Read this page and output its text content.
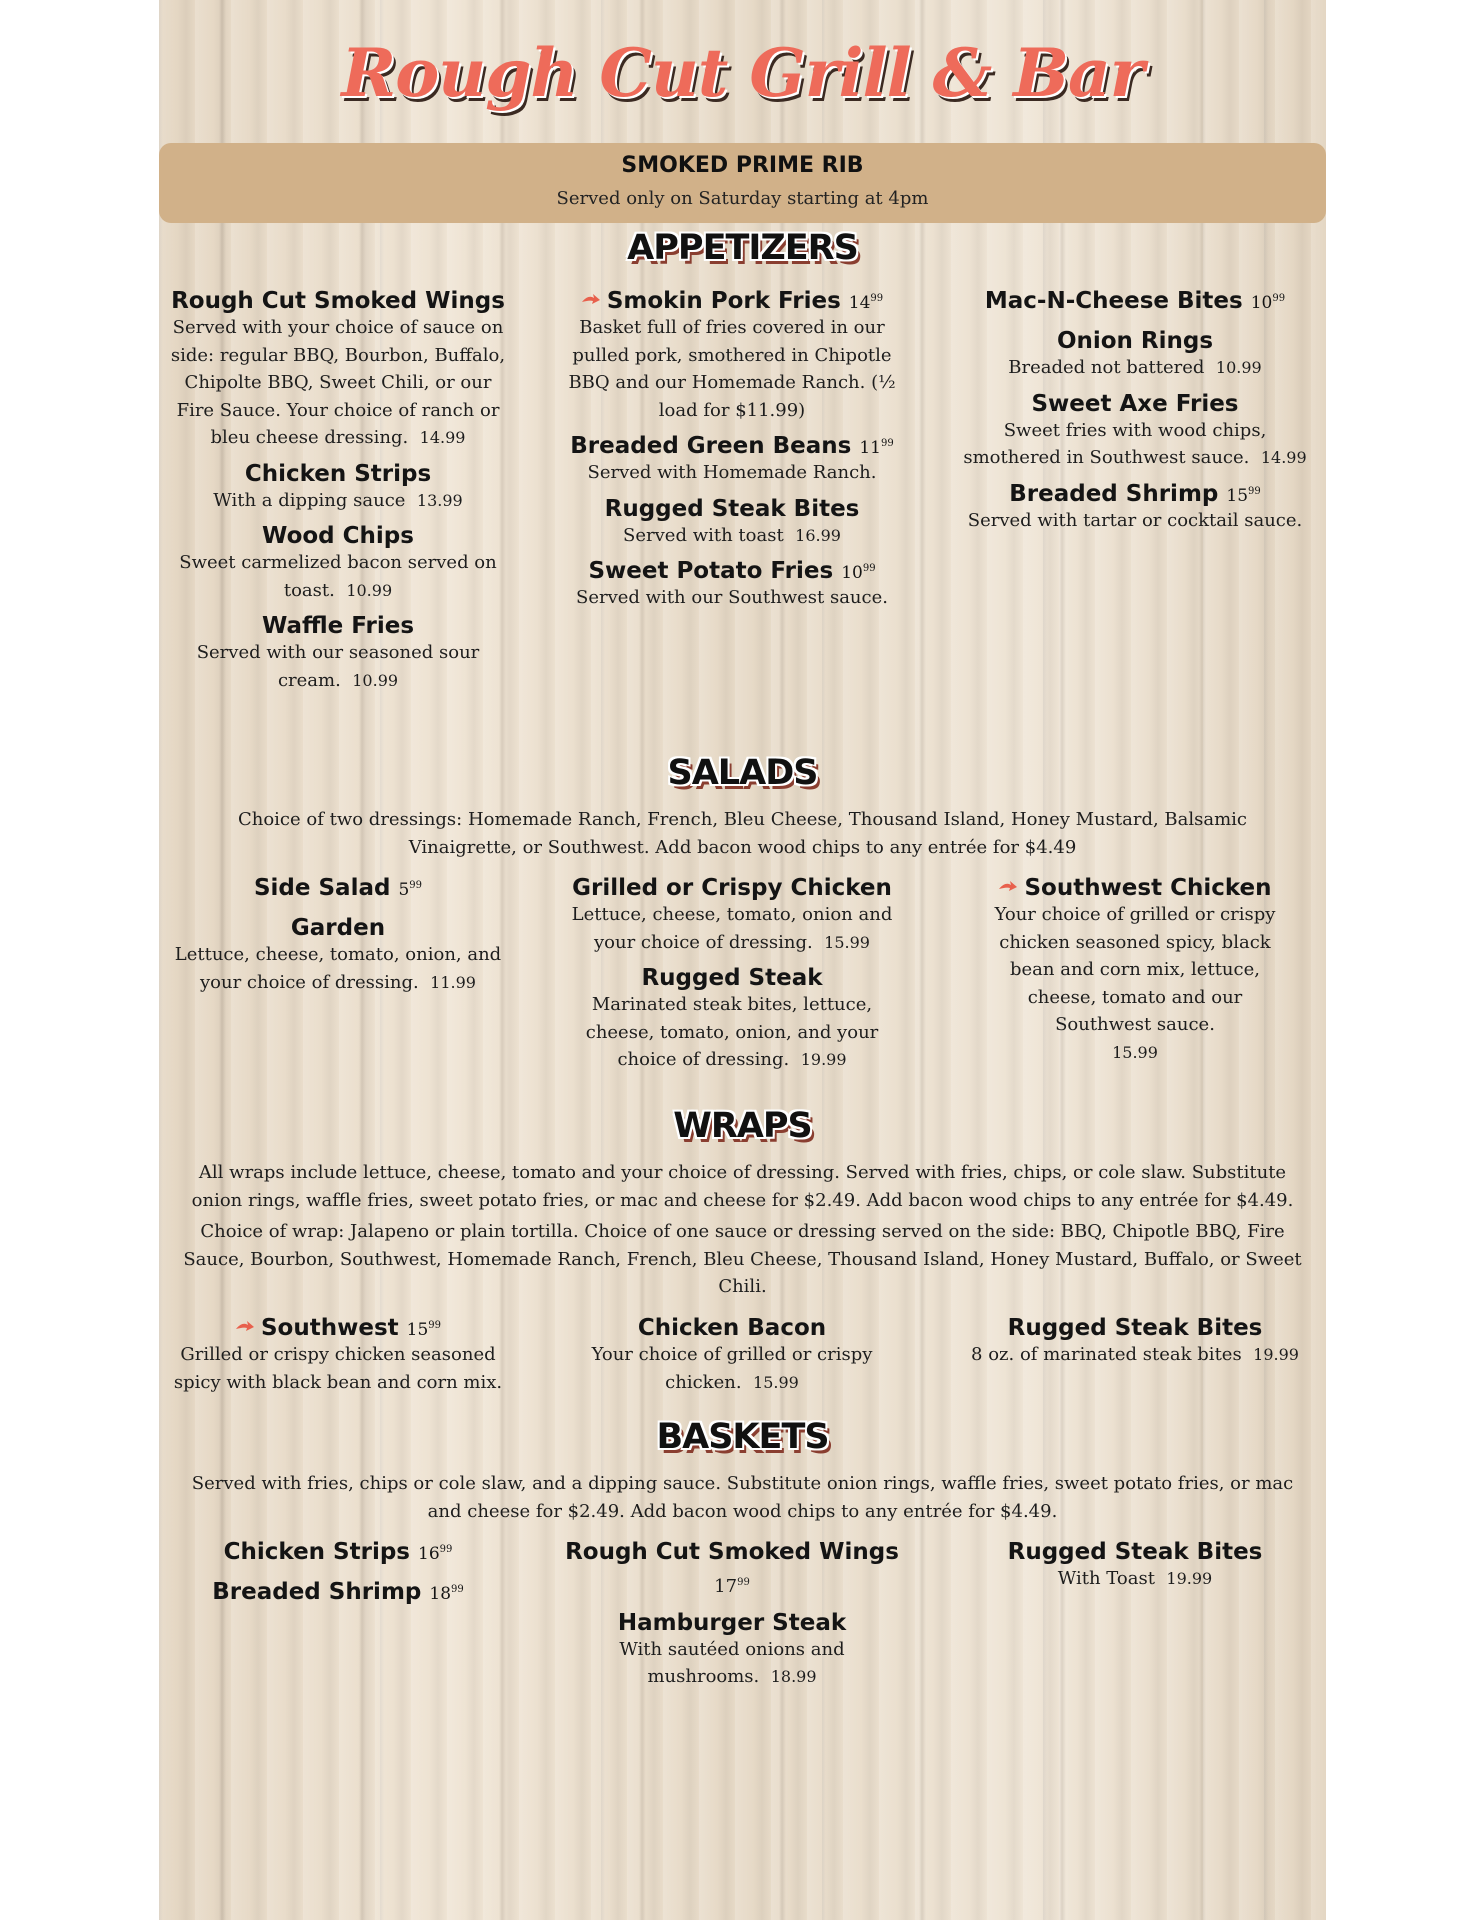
Rough Cut Grill & Bar
SMOKED PRIME RIB
Served only on Saturday starting at 4pm
APPETIZERS
Rough Cut Smoked Wings
Served with your choice of sauce on side: regular BBQ, Bourbon, Buffalo, Chipolte BBQ, Sweet Chili, or our Fire Sauce. Your choice of ranch or bleu cheese dressing. 14.99
Chicken Strips
With a dipping sauce 13.99
Wood Chips
Sweet carmelized bacon served on toast. 10.99
Waffle Fries
Served with our seasoned sour cream. 10.99
Smokin Pork Fries $14^{99}$
Basket full of fries covered in our pulled pork, smothered in Chipotle BBQ and our Homemade Ranch. (½ load for $11.99)
Breaded Green Beans $11^{99}$
Served with Homemade Ranch.
Rugged Steak Bites
Served with toast 16.99
Sweet Potato Fries $10^{99}$
Served with our Southwest sauce.
Mac-N-Cheese Bites $10^{99}$
Onion Rings
Breaded not battered 10.99
Sweet Axe Fries
Sweet fries with wood chips, smothered in Southwest sauce. 14.99
Breaded Shrimp $15^{99}$
Served with tartar or cocktail sauce.
SALADS
Choice of two dressings: Homemade Ranch, French, Bleu Cheese, Thousand Island, Honey Mustard, Balsamic Vinaigrette, or Southwest. Add bacon wood chips to any entrée for $4.49
Side Salad $5^{99}$
Garden
Lettuce, cheese, tomato, onion, and your choice of dressing. 11.99
Grilled or Crispy Chicken
Lettuce, cheese, tomato, onion and your choice of dressing. 15.99
Rugged Steak
Marinated steak bites, lettuce, cheese, tomato, onion, and your choice of dressing. 19.99
Southwest Chicken
Your choice of grilled or crispy chicken seasoned spicy, black bean and corn mix, lettuce, cheese, tomato and our Southwest sauce.
15.99
WRAPS
All wraps include lettuce, cheese, tomato and your choice of dressing. Served with fries, chips, or cole slaw. Substitute onion rings, waffle fries, sweet potato fries, or mac and cheese for $2.49. Add bacon wood chips to any entrée for $4.49.
Choice of wrap: Jalapeno or plain tortilla. Choice of one sauce or dressing served on the side: BBQ, Chipotle BBQ, Fire Sauce, Bourbon, Southwest, Homemade Ranch, French, Bleu Cheese, Thousand Island, Honey Mustard, Buffalo, or Sweet Chili.
Southwest $15^{99}$
Grilled or crispy chicken seasoned spicy with black bean and corn mix.
Chicken Bacon
Your choice of grilled or crispy chicken. 15.99
Rugged Steak Bites
8 oz. of marinated steak bites 19.99
BASKETS
Served with fries, chips or cole slaw, and a dipping sauce. Substitute onion rings, waffle fries, sweet potato fries, or mac and cheese for $2.49. Add bacon wood chips to any entrée for $4.49.
Chicken Strips $16^{99}$
Breaded Shrimp $18^{99}$
Rough Cut Smoked Wings
$17^{99}$
Hamburger Steak
With sautéed onions and mushrooms. 18.99
Rugged Steak Bites
With Toast 19.99
